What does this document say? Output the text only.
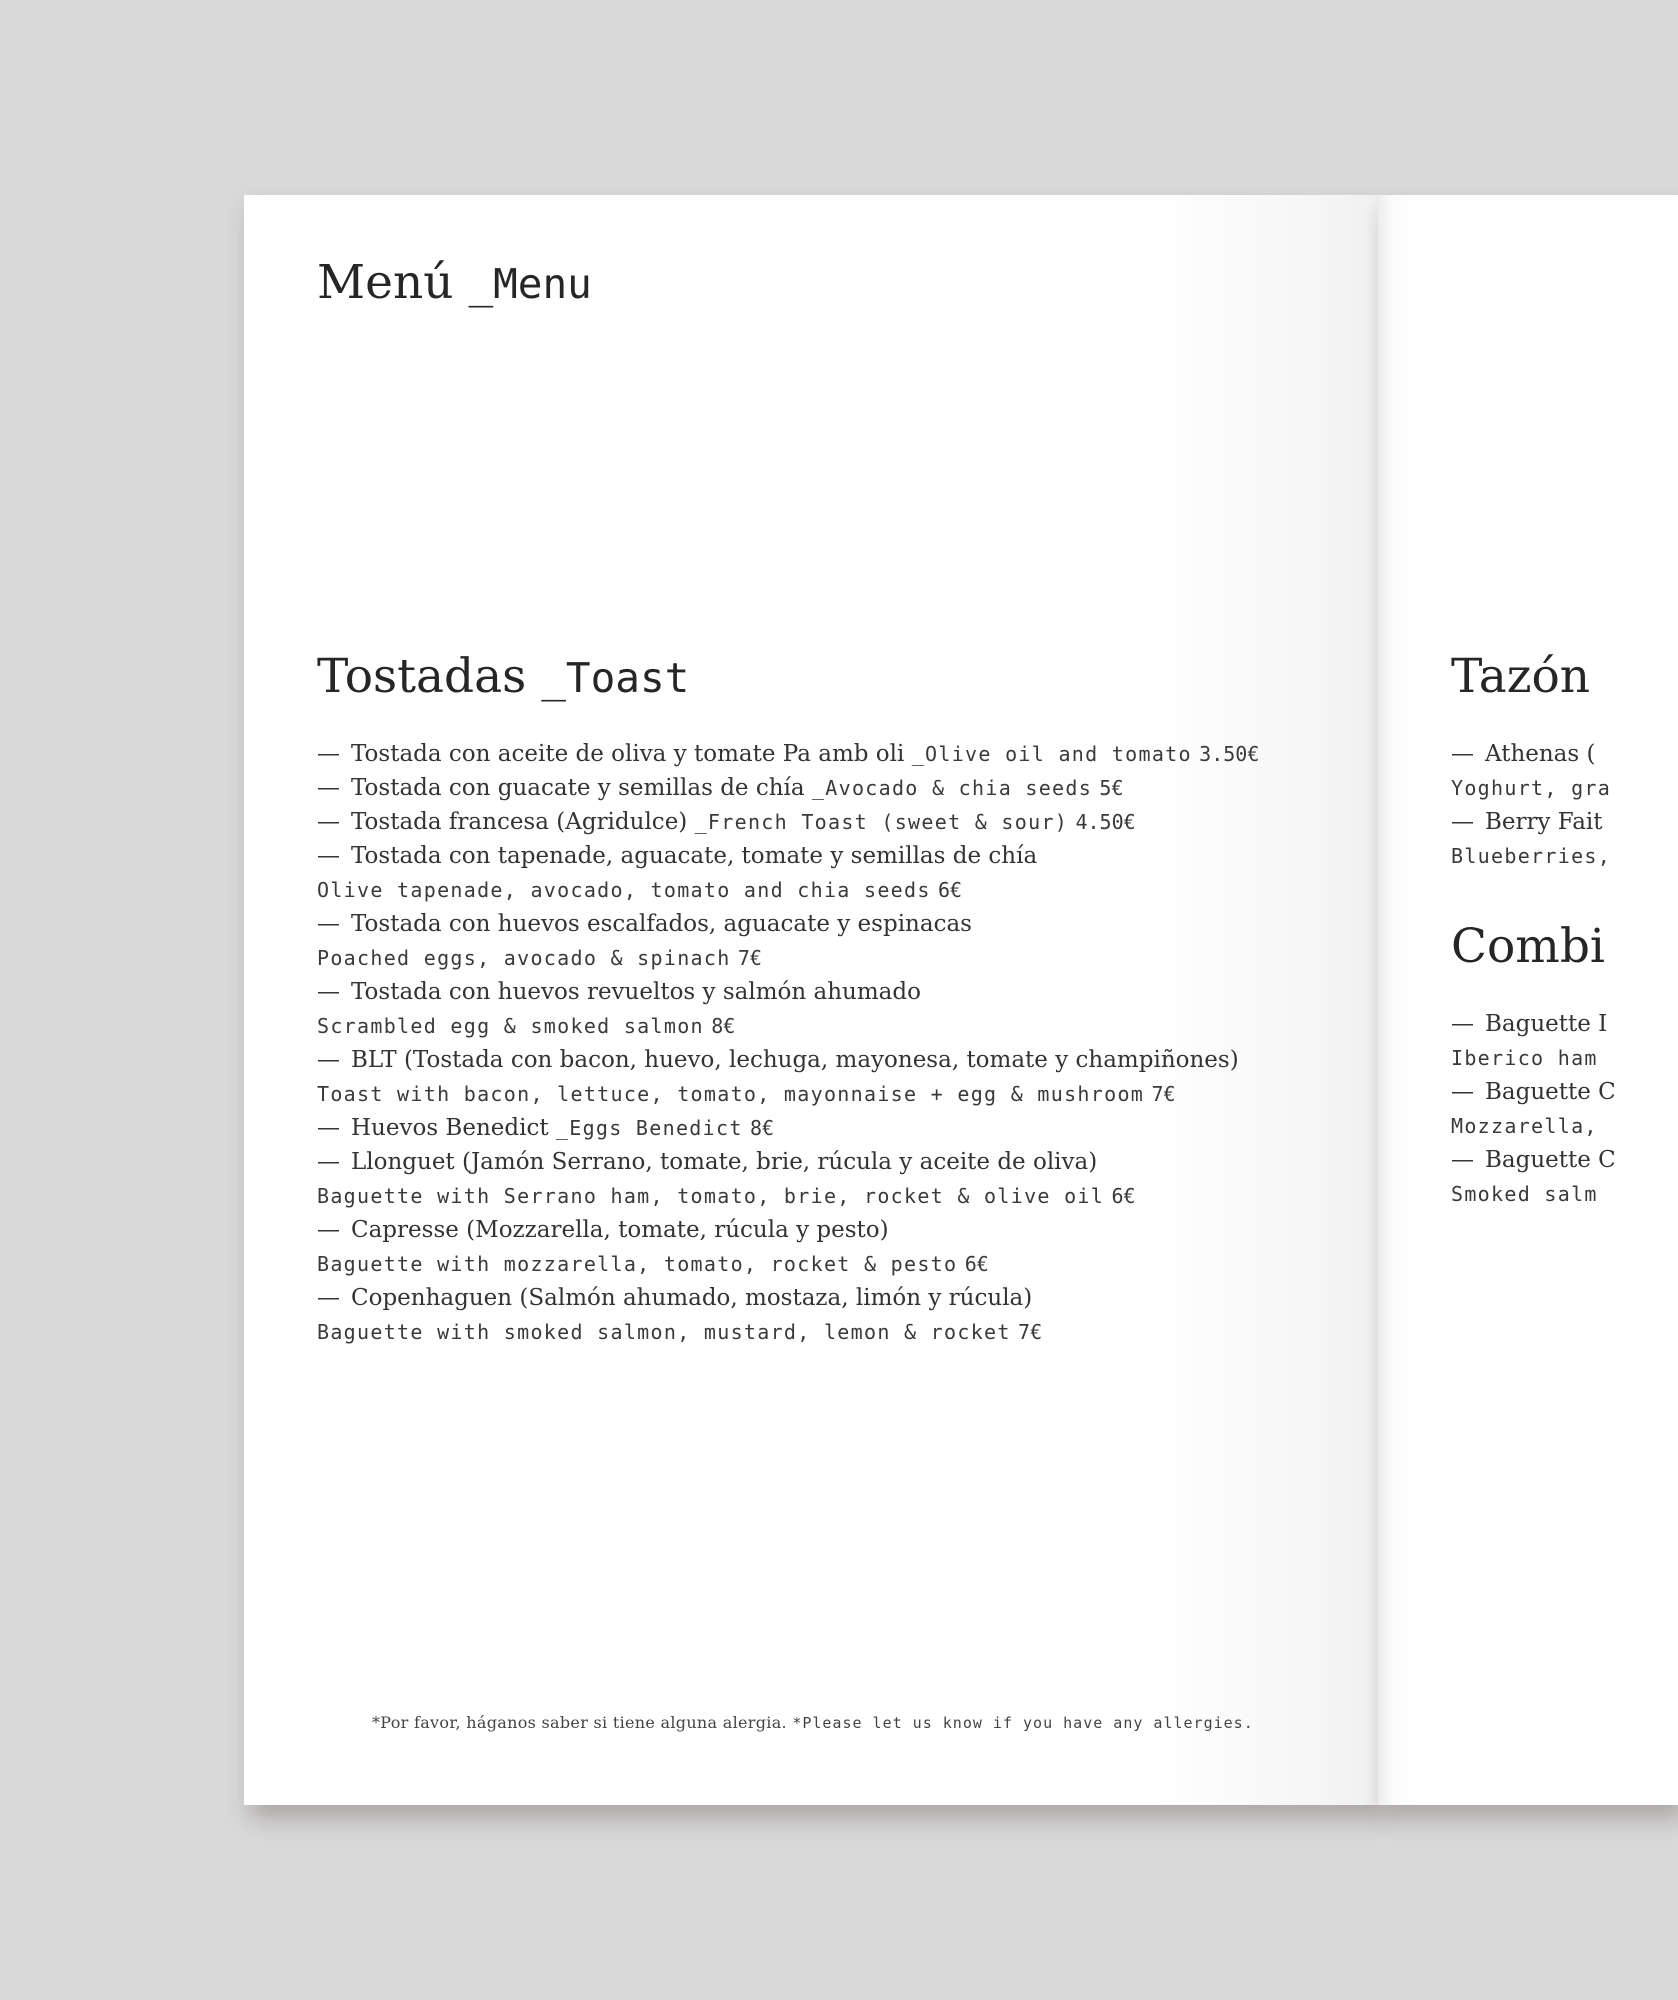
Menú _Menu
Tostadas _Toast
— Tostada con aceite de oliva y tomate Pa amb oli _Olive oil and tomato 3.50€
— Tostada con guacate y semillas de chía _Avocado & chia seeds 5€
— Tostada francesa (Agridulce) _French Toast (sweet & sour) 4.50€
— Tostada con tapenade, aguacate, tomate y semillas de chía
Olive tapenade, avocado, tomato and chia seeds 6€
— Tostada con huevos escalfados, aguacate y espinacas
Poached eggs, avocado & spinach 7€
— Tostada con huevos revueltos y salmón ahumado
Scrambled egg & smoked salmon 8€
— BLT (Tostada con bacon, huevo, lechuga, mayonesa, tomate y champiñones)
Toast with bacon, lettuce, tomato, mayonnaise + egg & mushroom 7€
— Huevos Benedict _Eggs Benedict 8€
— Llonguet (Jamón Serrano, tomate, brie, rúcula y aceite de oliva)
Baguette with Serrano ham, tomato, brie, rocket & olive oil 6€
— Capresse (Mozzarella, tomate, rúcula y pesto)
Baguette with mozzarella, tomato, rocket & pesto 6€
— Copenhaguen (Salmón ahumado, mostaza, limón y rúcula)
Baguette with smoked salmon, mustard, lemon & rocket 7€
*Por favor, háganos saber si tiene alguna alergia. *Please let us know if you have any allergies.
Tazón
— Athenas (
Yoghurt, gra
— Berry Fait
Blueberries,
Combi
— Baguette I
Iberico ham
— Baguette C
Mozzarella,
— Baguette C
Smoked salm
